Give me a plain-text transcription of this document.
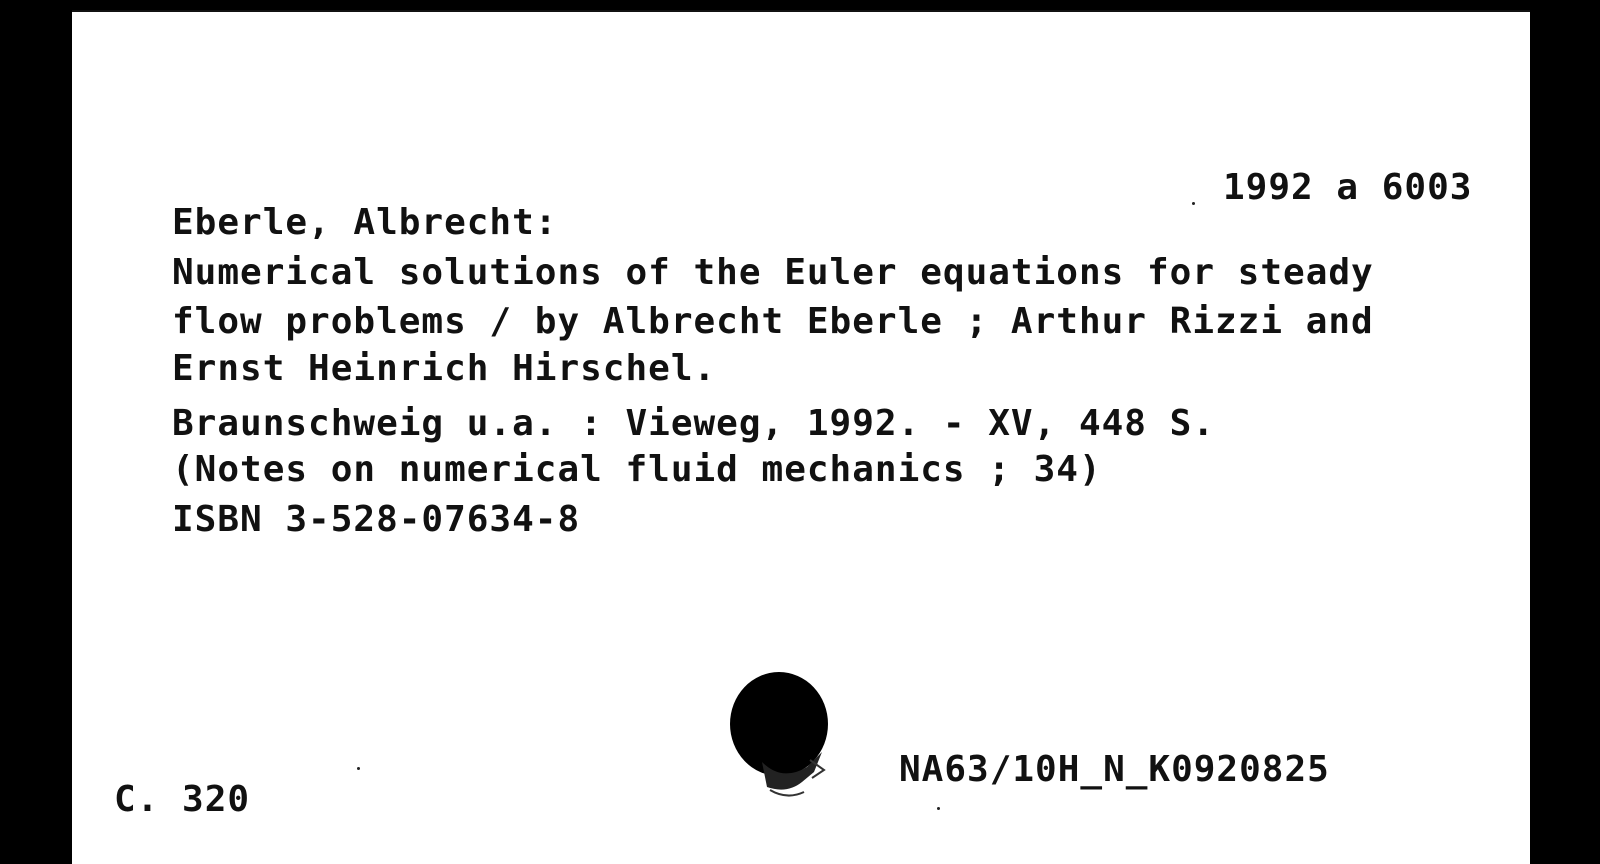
1992 a 6003
Eberle, Albrecht:
Numerical solutions of the Euler equations for steady
flow problems / by Albrecht Eberle ; Arthur Rizzi and
Ernst Heinrich Hirschel.
Braunschweig u.a. : Vieweg, 1992. - XV, 448 S.
(Notes on numerical fluid mechanics ; 34)
ISBN 3-528-07634-8
NA63/10H_N_K0920825
C. 320
